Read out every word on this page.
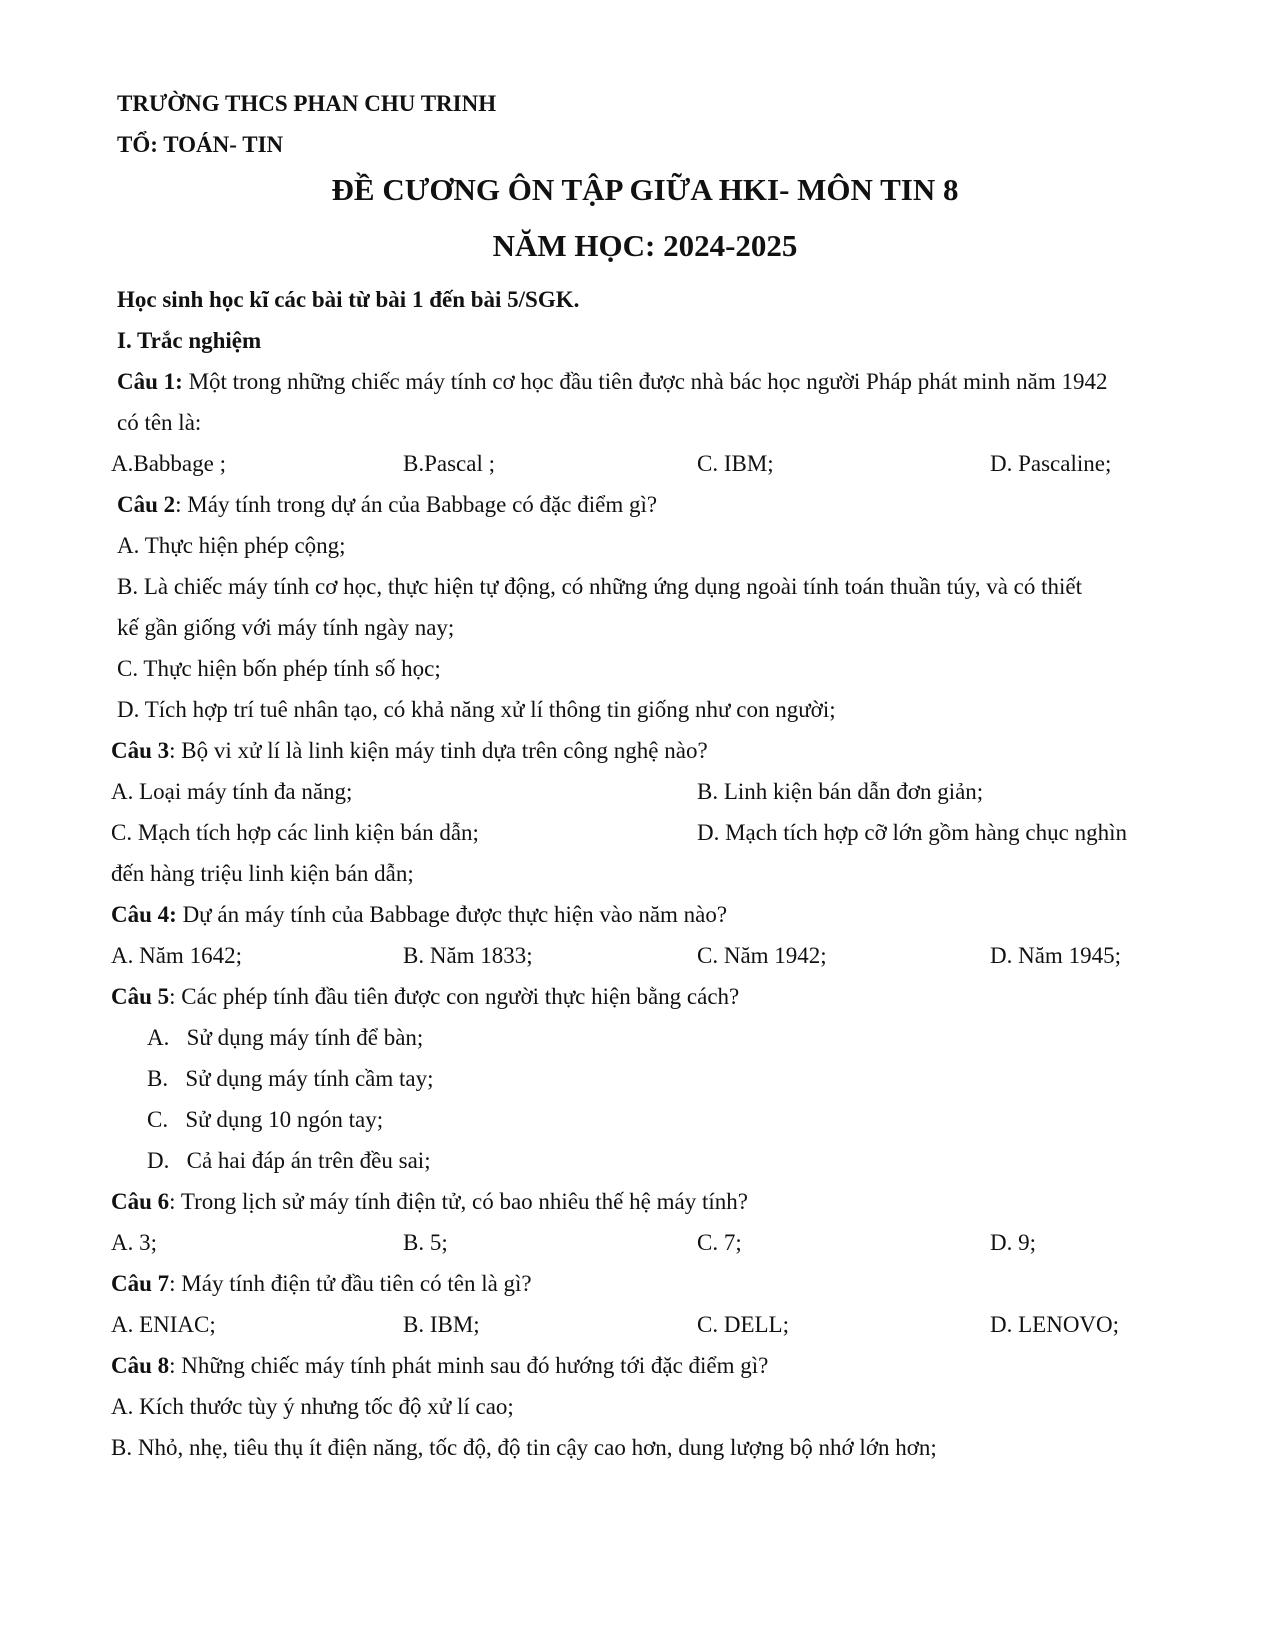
TRƯỜNG THCS PHAN CHU TRINH
TỔ: TOÁN- TIN
ĐỀ CƯƠNG ÔN TẬP GIỮA HKI- MÔN TIN 8
NĂM HỌC: 2024-2025
Học sinh học kĩ các bài từ bài 1 đến bài 5/SGK.
I. Trắc nghiệm
Câu 1: Một trong những chiếc máy tính cơ học đầu tiên được nhà bác học người Pháp phát minh năm 1942
có tên là:
A.Babbage ;	B.Pascal ;	C. IBM;	D. Pascaline;
Câu 2: Máy tính trong dự án của Babbage có đặc điểm gì?
A. Thực hiện phép cộng;
B. Là chiếc máy tính cơ học, thực hiện tự động, có những ứng dụng ngoài tính toán thuần túy, và có thiết
kế gần giống với máy tính ngày nay;
C. Thực hiện bốn phép tính số học;
D. Tích hợp trí tuê nhân tạo, có khả năng xử lí thông tin giống như con người;
Câu 3: Bộ vi xử lí là linh kiện máy tinh dựa trên công nghệ nào?
A. Loại máy tính đa năng;	B. Linh kiện bán dẫn đơn giản;
C. Mạch tích hợp các linh kiện bán dẫn;	D. Mạch tích hợp cỡ lớn gồm hàng chục nghìn
đến hàng triệu linh kiện bán dẫn;
Câu 4: Dự án máy tính của Babbage được thực hiện vào năm nào?
A. Năm 1642;	B. Năm 1833;	C. Năm 1942;	D. Năm 1945;
Câu 5: Các phép tính đầu tiên được con người thực hiện bằng cách?
A.   Sử dụng máy tính để bàn;
B.   Sử dụng máy tính cầm tay;
C.   Sử dụng 10 ngón tay;
D.   Cả hai đáp án trên đều sai;
Câu 6: Trong lịch sử máy tính điện tử, có bao nhiêu thế hệ máy tính?
A. 3;	B. 5;	C. 7;	D. 9;
Câu 7: Máy tính điện tử đầu tiên có tên là gì?
A. ENIAC;	B. IBM;	C. DELL;	D. LENOVO;
Câu 8: Những chiếc máy tính phát minh sau đó hướng tới đặc điểm gì?
A. Kích thước tùy ý nhưng tốc độ xử lí cao;
B. Nhỏ, nhẹ, tiêu thụ ít điện năng, tốc độ, độ tin cậy cao hơn, dung lượng bộ nhớ lớn hơn;
